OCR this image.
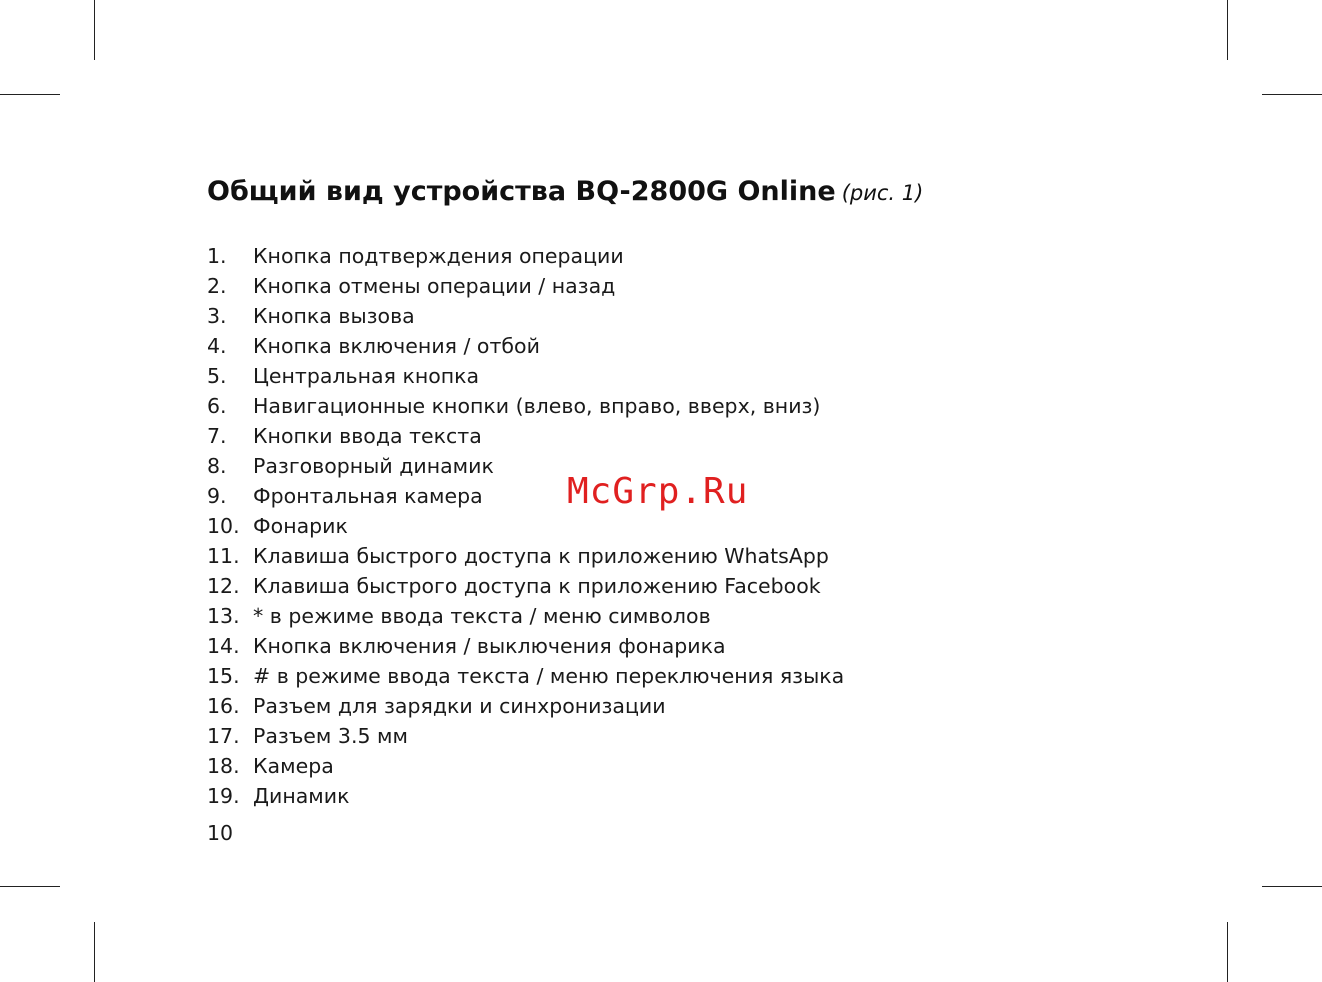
Общий вид устройства BQ-2800G Online (рис. 1)
1.	Кнопка подтверждения операции
2.	Кнопка отмены операции / назад
3.	Кнопка вызова
4.	Кнопка включения / отбой
5.	Центральная кнопка
6.	Навигационные кнопки (влево, вправо, вверх, вниз)
7.	Кнопки ввода текста
8.	Разговорный динамик
9.	Фронтальная камера
10. Фонарик
11. Клавиша быстрого доступа к приложению WhatsApp
12. Клавиша быстрого доступа к приложению Facebook
13. * в режиме ввода текста / меню символов
14. Кнопка включения / выключения фонарика
15. # в режиме ввода текста / меню переключения языка
16. Разъем для зарядки и синхронизации
17. Разъем 3.5 мм
18. Камера
19. Динамик
10
McGrp.Ru
